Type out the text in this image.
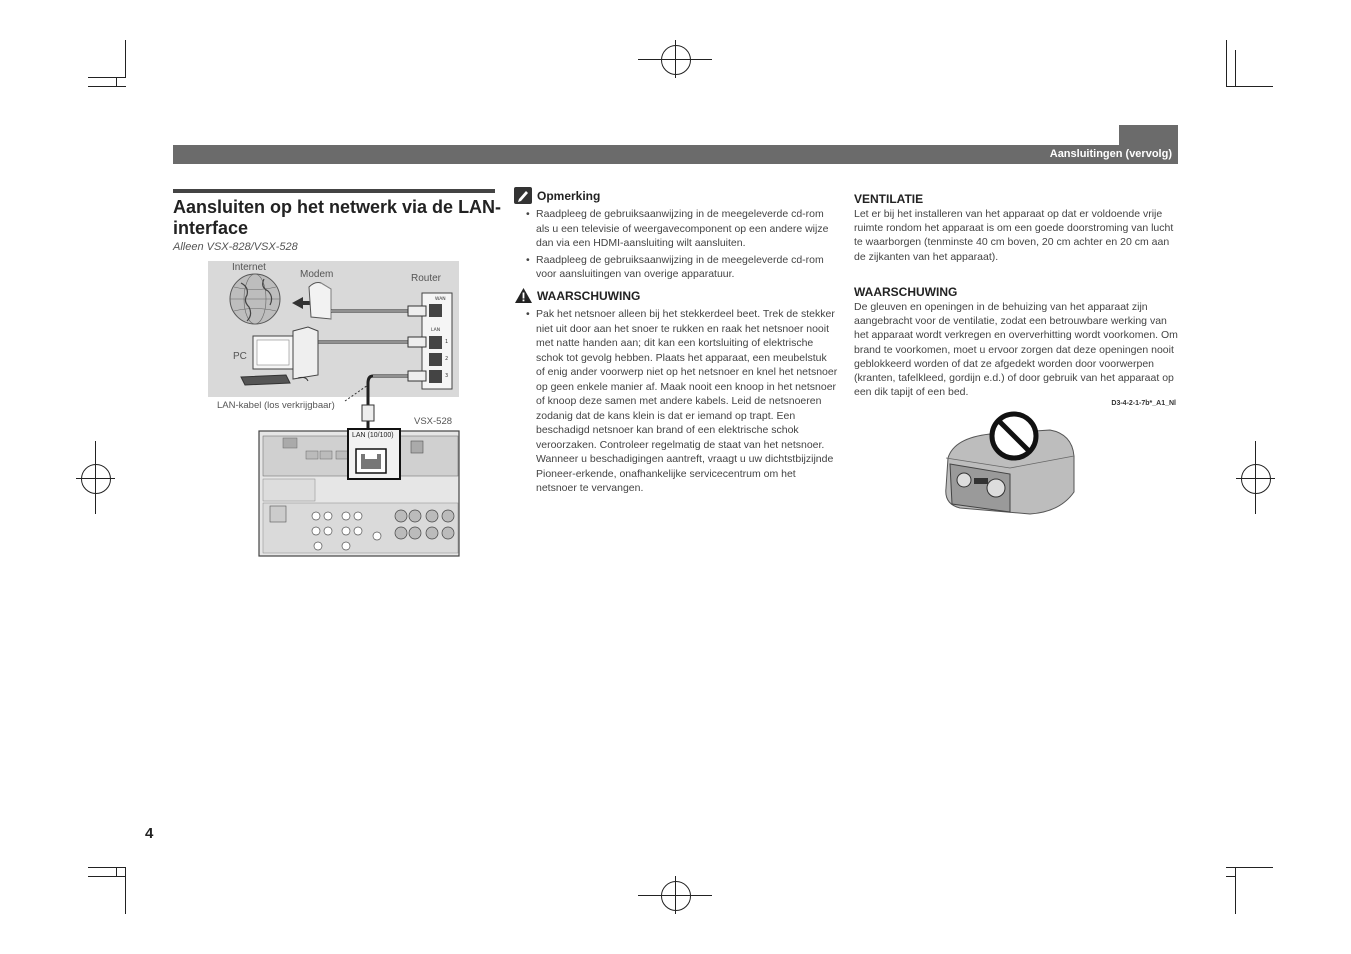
Aansluitingen (vervolg)
Aansluiten op het netwerk via de LAN-interface
Alleen VSX-828/VSX-528
WAN
LAN
1
2
3
Internet
Modem	Router
PC
LAN-kabel (los verkrijgbaar)
VSX-528
LAN (10/100)
Opmerking
• Raadpleeg de gebruiksaanwijzing in de meegeleverde cd-rom als u een televisie of weergavecomponent op een andere wijze dan via een HDMI-aansluiting wilt aansluiten.
• Raadpleeg de gebruiksaanwijzing in de meegeleverde cd-rom voor aansluitingen van overige apparatuur.
WAARSCHUWING
• Pak het netsnoer alleen bij het stekkerdeel beet. Trek de stekker niet uit door aan het snoer te rukken en raak het netsnoer nooit met natte handen aan; dit kan een kortsluiting of elektrische schok tot gevolg hebben. Plaats het apparaat, een meubelstuk of enig ander voorwerp niet op het netsnoer en knel het netsnoer op geen enkele manier af. Maak nooit een knoop in het netsnoer of knoop deze samen met andere kabels. Leid de netsnoeren zodanig dat de kans klein is dat er iemand op trapt. Een beschadigd netsnoer kan brand of een elektrische schok veroorzaken. Controleer regelmatig de staat van het netsnoer. Wanneer u beschadigingen aantreft, vraagt u uw dichtstbijzijnde Pioneer-erkende, onafhankelijke servicecentrum om het netsnoer te vervangen.
VENTILATIE
Let er bij het installeren van het apparaat op dat er voldoende vrije ruimte rondom het apparaat is om een goede doorstroming van lucht te waarborgen (tenminste 40 cm boven, 20 cm achter en 20 cm aan de zijkanten van het apparaat).
WAARSCHUWING
De gleuven en openingen in de behuizing van het apparaat zijn aangebracht voor de ventilatie, zodat een betrouwbare werking van het apparaat wordt verkregen en oververhitting wordt voorkomen. Om brand te voorkomen, moet u ervoor zorgen dat deze openingen nooit geblokkeerd worden of dat ze afgedekt worden door voorwerpen (kranten, tafelkleed, gordijn e.d.) of door gebruik van het apparaat op een dik tapijt of een bed.
D3-4-2-1-7b*_A1_Nl
4
